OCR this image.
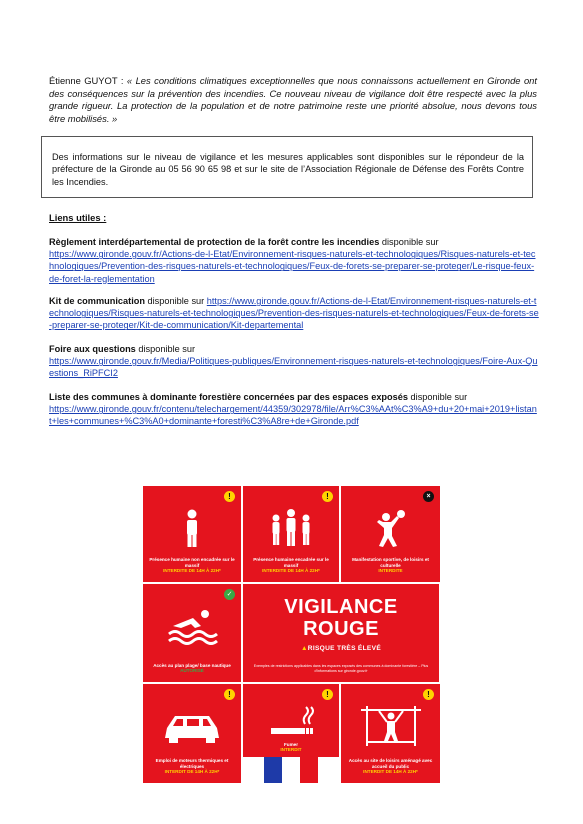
Étienne GUYOT : « Les conditions climatiques exceptionnelles que nous connaissons actuellement en Gironde ont des conséquences sur la prévention des incendies. Ce nouveau niveau de vigilance doit être respecté avec la plus grande rigueur. La protection de la population et de notre patrimoine reste une priorité absolue, nous devons tous être mobilisés. »
Des informations sur le niveau de vigilance et les mesures applicables sont disponibles sur le répondeur de la préfecture de la Gironde au 05 56 90 65 98 et sur le site de l’Association Régionale de Défense des Forêts Contre les Incendies.
Liens utiles :
Règlement interdépartemental de protection de la forêt contre les incendies disponible sur
https://www.gironde.gouv.fr/Actions-de-l-Etat/Environnement-risques-naturels-et-technologiques/Risques-naturels-et-technologiques/Prevention-des-risques-naturels-et-technologiques/Feux-de-forets-se-preparer-se-proteger/Le-risque-feux-de-foret-la-reglementation
Kit de communication disponible sur https://www.gironde.gouv.fr/Actions-de-l-Etat/Environnement-risques-naturels-et-technologiques/Risques-naturels-et-technologiques/Prevention-des-risques-naturels-et-technologiques/Feux-de-forets-se-preparer-se-proteger/Kit-de-communication/Kit-departemental
Foire aux questions disponible sur
https://www.gironde.gouv.fr/Media/Politiques-publiques/Environnement-risques-naturels-et-technologiques/Foire-Aux-Questions_RiPFCI2
Liste des communes à dominante forestière concernées par des espaces exposés disponible sur
https://www.gironde.gouv.fr/contenu/telechargement/44359/302978/file/Arr%C3%AAt%C3%A9+du+20+mai+2019+listant+les+communes+%C3%A0+dominante+foresti%C3%A8re+de+Gironde.pdf
!
Présence humaine non encadrée sur le massif
INTERDITE DE 14H À 22H*
!
Présence humaine encadrée sur le massif
INTERDITE DE 14H À 22H*
×
Manifestation sportive, de loisirs et culturelle
INTERDITE
✓
Accès au plan plage/ base nautique
AUTORISÉ
VIGILANCE
ROUGE
▲RISQUE TRÈS ÉLEVÉ
Exemples de restrictions applicables dans les espaces exposés des communes à dominante forestière – Plus d’informations sur gironde.gouv.fr
!
Emploi de moteurs thermiques et électriques
INTERDIT DE 14H À 22H*
!
Fumer
INTERDIT
!
Accès au site de loisirs aménagé avec accueil du public
INTERDIT DE 14H À 22H*
